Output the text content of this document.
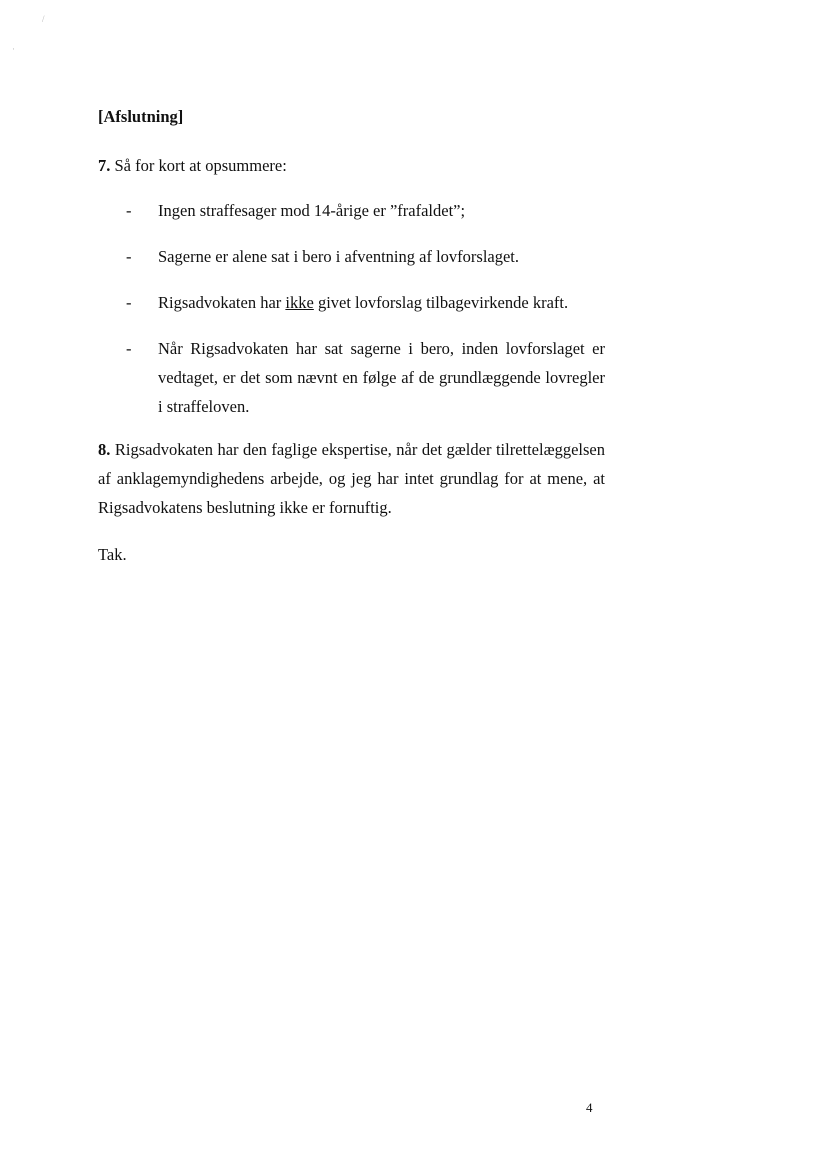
/
·
[Afslutning]
7. Så for kort at opsummere:
- Ingen straffesager mod 14-årige er ”frafaldet”;
- Sagerne er alene sat i bero i afventning af lovforslaget.
- Rigsadvokaten har ikke givet lovforslag tilbagevirkende kraft.
- Når Rigsadvokaten har sat sagerne i bero, inden lovforslaget er vedtaget, er det som nævnt en følge af de grundlæggende lovregler i straffeloven.
8. Rigsadvokaten har den faglige ekspertise, når det gælder tilrettelæggelsen af anklagemyndighedens arbejde, og jeg har intet grundlag for at mene, at Rigsadvokatens beslutning ikke er fornuftig.
Tak.
4
